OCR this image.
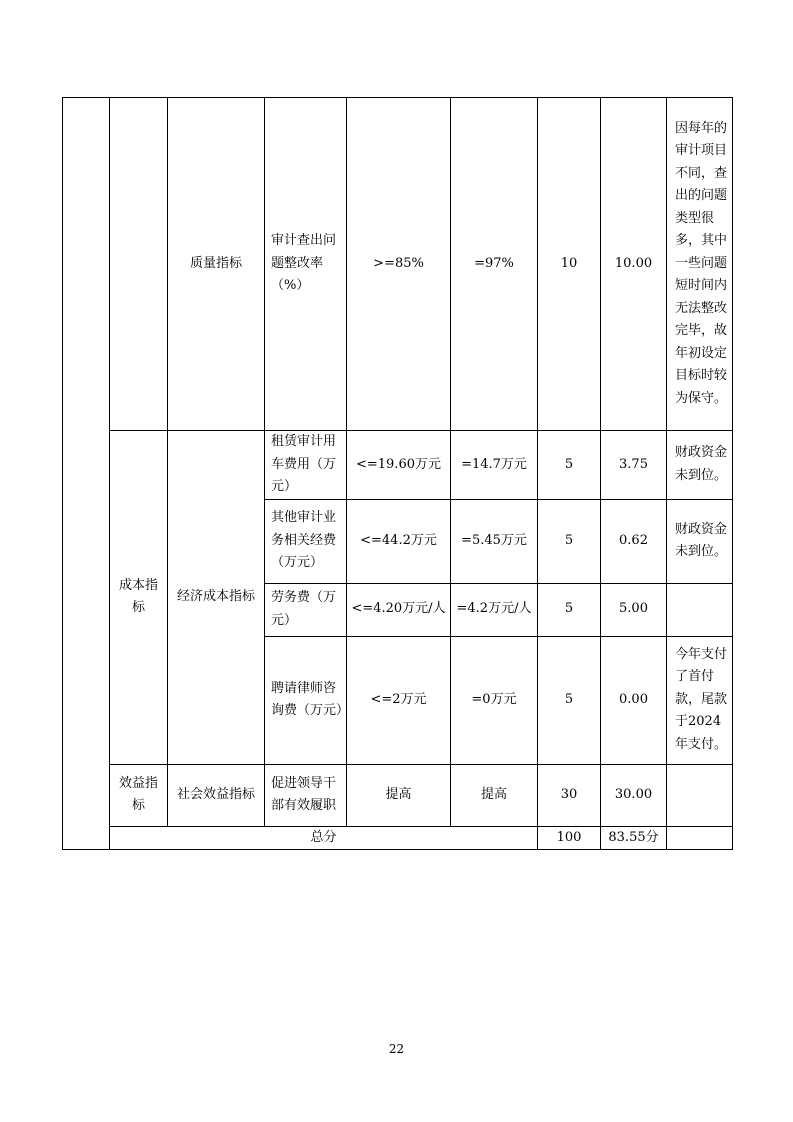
		质量指标	审计查出问题整改率（%）	>=85%	=97%	10	10.00	因每年的审计项目不同，查出的问题类型很多，其中一些问题短时间内无法整改完毕，故年初设定目标时较为保守。
	成本指标	经济成本指标	租赁审计用车费用（万元）	<=19.60万元	=14.7万元	5	3.75	财政资金未到位。
			其他审计业务相关经费（万元）	<=44.2万元	=5.45万元	5	0.62	财政资金未到位。
			劳务费（万元）	<=4.20万元/人	=4.2万元/人	5	5.00	
			聘请律师咨询费（万元）	<=2万元	=0万元	5	0.00	今年支付了首付款，尾款于2024年支付。
	效益指标	社会效益指标	促进领导干部有效履职	提高	提高	30	30.00	
	总分					100	83.55分	
22
